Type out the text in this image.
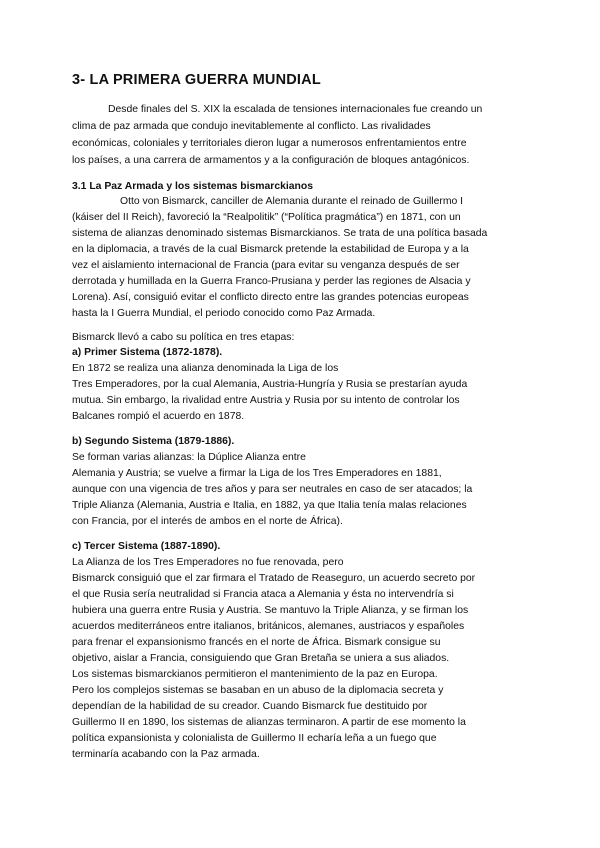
3- LA PRIMERA GUERRA MUNDIAL
Desde finales del S. XIX la escalada de tensiones internacionales fue creando un
clima de paz armada que condujo inevitablemente al conflicto. Las rivalidades
económicas, coloniales y territoriales dieron lugar a numerosos enfrentamientos entre
los países, a una carrera de armamentos y a la configuración de bloques antagónicos.
3.1 La Paz Armada y los sistemas bismarckianos
Otto von Bismarck, canciller de Alemania durante el reinado de Guillermo I
(káiser del II Reich), favoreció la “Realpolitik” (“Política pragmática”) en 1871, con un
sistema de alianzas denominado sistemas Bismarckianos. Se trata de una política basada
en la diplomacia, a través de la cual Bismarck pretende la estabilidad de Europa y a la
vez el aislamiento internacional de Francia (para evitar su venganza después de ser
derrotada y humillada en la Guerra Franco-Prusiana y perder las regiones de Alsacia y
Lorena). Así, consiguió evitar el conflicto directo entre las grandes potencias europeas
hasta la I Guerra Mundial, el periodo conocido como Paz Armada.
Bismarck llevó a cabo su política en tres etapas:
a) Primer Sistema (1872-1878).
En 1872 se realiza una alianza denominada la Liga de los
Tres Emperadores, por la cual Alemania, Austria-Hungría y Rusia se prestarían ayuda
mutua. Sin embargo, la rivalidad entre Austria y Rusia por su intento de controlar los
Balcanes rompió el acuerdo en 1878.
b) Segundo Sistema (1879-1886).
Se forman varias alianzas: la Dúplice Alianza entre
Alemania y Austria; se vuelve a firmar la Liga de los Tres Emperadores en 1881,
aunque con una vigencia de tres años y para ser neutrales en caso de ser atacados; la
Triple Alianza (Alemania, Austria e Italia, en 1882, ya que Italia tenía malas relaciones
con Francia, por el interés de ambos en el norte de África).
c) Tercer Sistema (1887-1890).
La Alianza de los Tres Emperadores no fue renovada, pero
Bismarck consiguió que el zar firmara el Tratado de Reaseguro, un acuerdo secreto por
el que Rusia sería neutralidad si Francia ataca a Alemania y ésta no intervendría si
hubiera una guerra entre Rusia y Austria. Se mantuvo la Triple Alianza, y se firman los
acuerdos mediterráneos entre italianos, británicos, alemanes, austriacos y españoles
para frenar el expansionismo francés en el norte de África. Bismark consigue su
objetivo, aislar a Francia, consiguiendo que Gran Bretaña se uniera a sus aliados.
Los sistemas bismarckianos permitieron el mantenimiento de la paz en Europa.
Pero los complejos sistemas se basaban en un abuso de la diplomacia secreta y
dependían de la habilidad de su creador. Cuando Bismarck fue destituido por
Guillermo II en 1890, los sistemas de alianzas terminaron. A partir de ese momento la
política expansionista y colonialista de Guillermo II echaría leña a un fuego que
terminaría acabando con la Paz armada.
